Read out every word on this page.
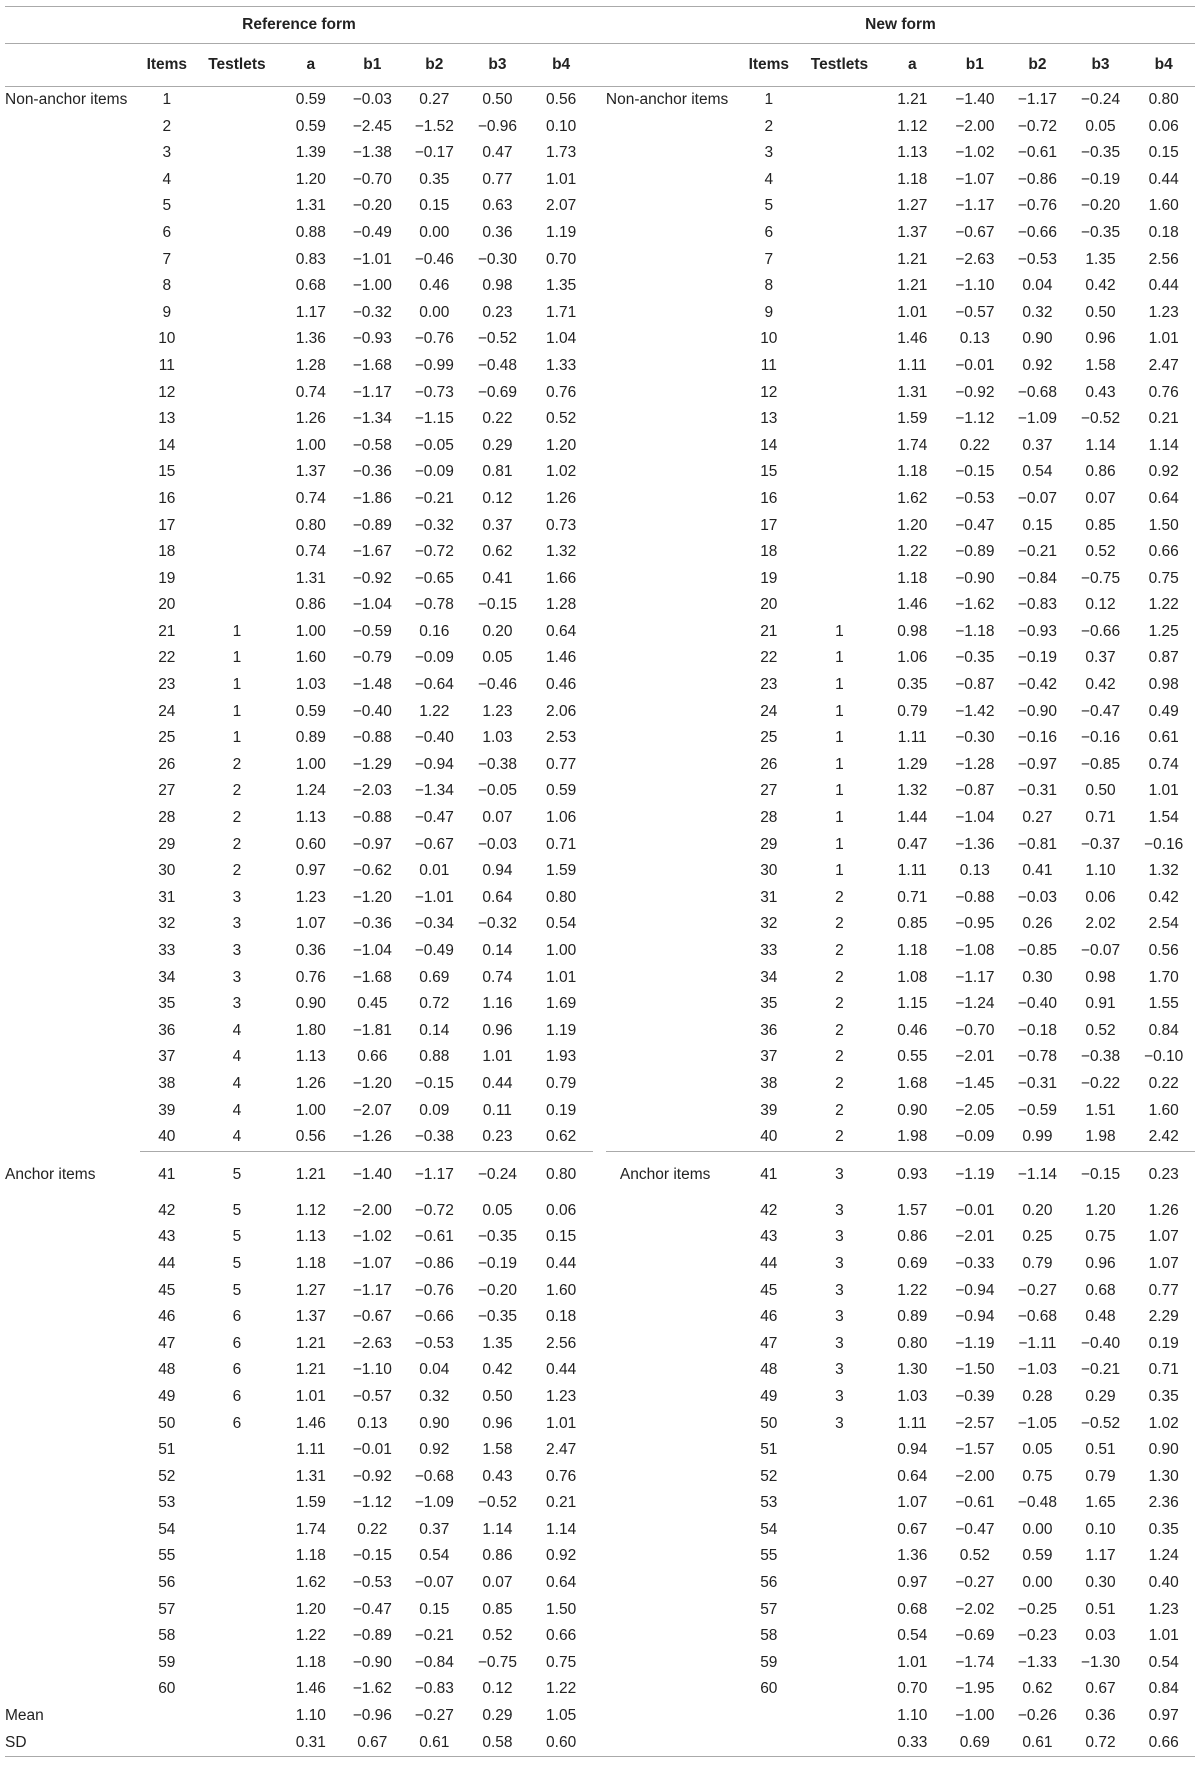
Reference form									New form							
	Items	Testlets	a	b1	b2	b3	b4			Items	Testlets	a	b1	b2	b3	b4
Non-anchor items	1		0.59	−0.03	0.27	0.50	0.56		Non-anchor items	1		1.21	−1.40	−1.17	−0.24	0.80
	2		0.59	−2.45	−1.52	−0.96	0.10			2		1.12	−2.00	−0.72	0.05	0.06
	3		1.39	−1.38	−0.17	0.47	1.73			3		1.13	−1.02	−0.61	−0.35	0.15
	4		1.20	−0.70	0.35	0.77	1.01			4		1.18	−1.07	−0.86	−0.19	0.44
	5		1.31	−0.20	0.15	0.63	2.07			5		1.27	−1.17	−0.76	−0.20	1.60
	6		0.88	−0.49	0.00	0.36	1.19			6		1.37	−0.67	−0.66	−0.35	0.18
	7		0.83	−1.01	−0.46	−0.30	0.70			7		1.21	−2.63	−0.53	1.35	2.56
	8		0.68	−1.00	0.46	0.98	1.35			8		1.21	−1.10	0.04	0.42	0.44
	9		1.17	−0.32	0.00	0.23	1.71			9		1.01	−0.57	0.32	0.50	1.23
	10		1.36	−0.93	−0.76	−0.52	1.04			10		1.46	0.13	0.90	0.96	1.01
	11		1.28	−1.68	−0.99	−0.48	1.33			11		1.11	−0.01	0.92	1.58	2.47
	12		0.74	−1.17	−0.73	−0.69	0.76			12		1.31	−0.92	−0.68	0.43	0.76
	13		1.26	−1.34	−1.15	0.22	0.52			13		1.59	−1.12	−1.09	−0.52	0.21
	14		1.00	−0.58	−0.05	0.29	1.20			14		1.74	0.22	0.37	1.14	1.14
	15		1.37	−0.36	−0.09	0.81	1.02			15		1.18	−0.15	0.54	0.86	0.92
	16		0.74	−1.86	−0.21	0.12	1.26			16		1.62	−0.53	−0.07	0.07	0.64
	17		0.80	−0.89	−0.32	0.37	0.73			17		1.20	−0.47	0.15	0.85	1.50
	18		0.74	−1.67	−0.72	0.62	1.32			18		1.22	−0.89	−0.21	0.52	0.66
	19		1.31	−0.92	−0.65	0.41	1.66			19		1.18	−0.90	−0.84	−0.75	0.75
	20		0.86	−1.04	−0.78	−0.15	1.28			20		1.46	−1.62	−0.83	0.12	1.22
	21	1	1.00	−0.59	0.16	0.20	0.64			21	1	0.98	−1.18	−0.93	−0.66	1.25
	22	1	1.60	−0.79	−0.09	0.05	1.46			22	1	1.06	−0.35	−0.19	0.37	0.87
	23	1	1.03	−1.48	−0.64	−0.46	0.46			23	1	0.35	−0.87	−0.42	0.42	0.98
	24	1	0.59	−0.40	1.22	1.23	2.06			24	1	0.79	−1.42	−0.90	−0.47	0.49
	25	1	0.89	−0.88	−0.40	1.03	2.53			25	1	1.11	−0.30	−0.16	−0.16	0.61
	26	2	1.00	−1.29	−0.94	−0.38	0.77			26	1	1.29	−1.28	−0.97	−0.85	0.74
	27	2	1.24	−2.03	−1.34	−0.05	0.59			27	1	1.32	−0.87	−0.31	0.50	1.01
	28	2	1.13	−0.88	−0.47	0.07	1.06			28	1	1.44	−1.04	0.27	0.71	1.54
	29	2	0.60	−0.97	−0.67	−0.03	0.71			29	1	0.47	−1.36	−0.81	−0.37	−0.16
	30	2	0.97	−0.62	0.01	0.94	1.59			30	1	1.11	0.13	0.41	1.10	1.32
	31	3	1.23	−1.20	−1.01	0.64	0.80			31	2	0.71	−0.88	−0.03	0.06	0.42
	32	3	1.07	−0.36	−0.34	−0.32	0.54			32	2	0.85	−0.95	0.26	2.02	2.54
	33	3	0.36	−1.04	−0.49	0.14	1.00			33	2	1.18	−1.08	−0.85	−0.07	0.56
	34	3	0.76	−1.68	0.69	0.74	1.01			34	2	1.08	−1.17	0.30	0.98	1.70
	35	3	0.90	0.45	0.72	1.16	1.69			35	2	1.15	−1.24	−0.40	0.91	1.55
	36	4	1.80	−1.81	0.14	0.96	1.19			36	2	0.46	−0.70	−0.18	0.52	0.84
	37	4	1.13	0.66	0.88	1.01	1.93			37	2	0.55	−2.01	−0.78	−0.38	−0.10
	38	4	1.26	−1.20	−0.15	0.44	0.79			38	2	1.68	−1.45	−0.31	−0.22	0.22
	39	4	1.00	−2.07	0.09	0.11	0.19			39	2	0.90	−2.05	−0.59	1.51	1.60
	40	4	0.56	−1.26	−0.38	0.23	0.62			40	2	1.98	−0.09	0.99	1.98	2.42
Anchor items	41	5	1.21	−1.40	−1.17	−0.24	0.80		Anchor items	41	3	0.93	−1.19	−1.14	−0.15	0.23
	42	5	1.12	−2.00	−0.72	0.05	0.06			42	3	1.57	−0.01	0.20	1.20	1.26
	43	5	1.13	−1.02	−0.61	−0.35	0.15			43	3	0.86	−2.01	0.25	0.75	1.07
	44	5	1.18	−1.07	−0.86	−0.19	0.44			44	3	0.69	−0.33	0.79	0.96	1.07
	45	5	1.27	−1.17	−0.76	−0.20	1.60			45	3	1.22	−0.94	−0.27	0.68	0.77
	46	6	1.37	−0.67	−0.66	−0.35	0.18			46	3	0.89	−0.94	−0.68	0.48	2.29
	47	6	1.21	−2.63	−0.53	1.35	2.56			47	3	0.80	−1.19	−1.11	−0.40	0.19
	48	6	1.21	−1.10	0.04	0.42	0.44			48	3	1.30	−1.50	−1.03	−0.21	0.71
	49	6	1.01	−0.57	0.32	0.50	1.23			49	3	1.03	−0.39	0.28	0.29	0.35
	50	6	1.46	0.13	0.90	0.96	1.01			50	3	1.11	−2.57	−1.05	−0.52	1.02
	51		1.11	−0.01	0.92	1.58	2.47			51		0.94	−1.57	0.05	0.51	0.90
	52		1.31	−0.92	−0.68	0.43	0.76			52		0.64	−2.00	0.75	0.79	1.30
	53		1.59	−1.12	−1.09	−0.52	0.21			53		1.07	−0.61	−0.48	1.65	2.36
	54		1.74	0.22	0.37	1.14	1.14			54		0.67	−0.47	0.00	0.10	0.35
	55		1.18	−0.15	0.54	0.86	0.92			55		1.36	0.52	0.59	1.17	1.24
	56		1.62	−0.53	−0.07	0.07	0.64			56		0.97	−0.27	0.00	0.30	0.40
	57		1.20	−0.47	0.15	0.85	1.50			57		0.68	−2.02	−0.25	0.51	1.23
	58		1.22	−0.89	−0.21	0.52	0.66			58		0.54	−0.69	−0.23	0.03	1.01
	59		1.18	−0.90	−0.84	−0.75	0.75			59		1.01	−1.74	−1.33	−1.30	0.54
	60		1.46	−1.62	−0.83	0.12	1.22			60		0.70	−1.95	0.62	0.67	0.84
Mean			1.10	−0.96	−0.27	0.29	1.05					1.10	−1.00	−0.26	0.36	0.97
SD			0.31	0.67	0.61	0.58	0.60					0.33	0.69	0.61	0.72	0.66
